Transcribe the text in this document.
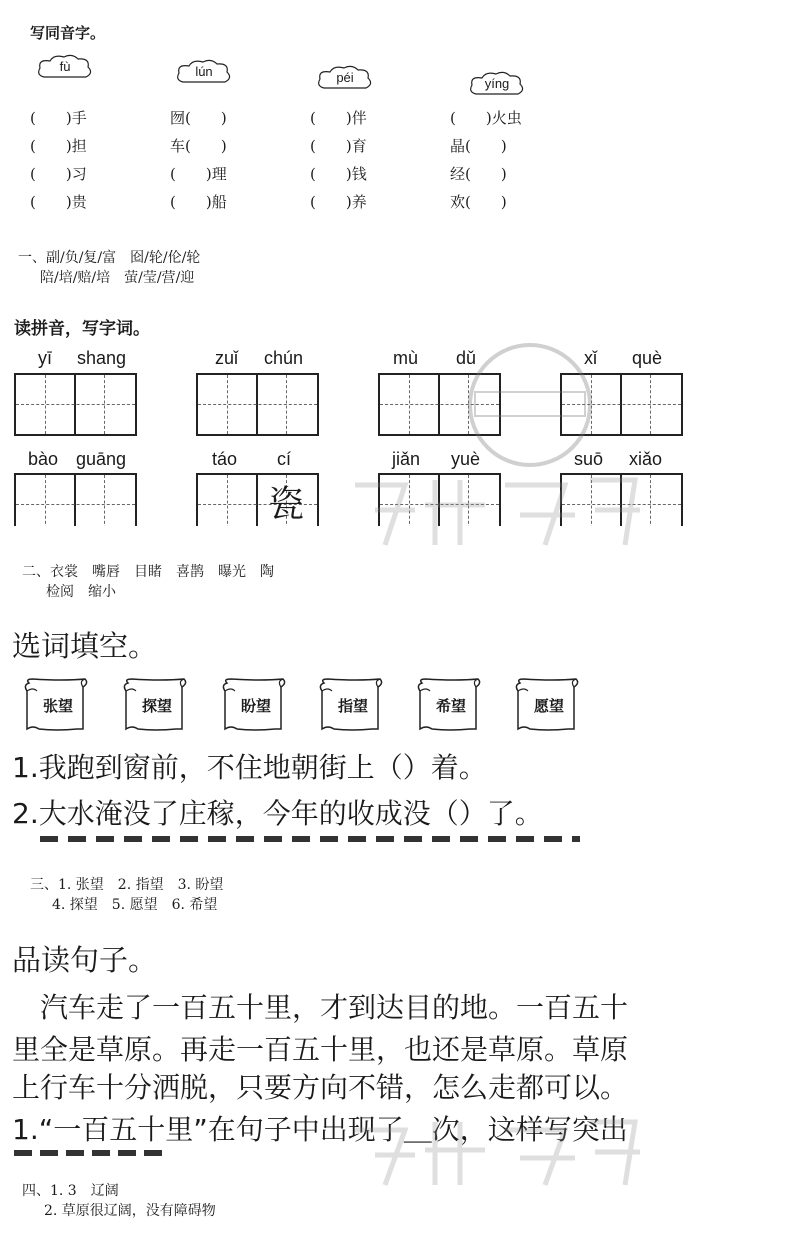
写同音字。
fù	lún	péi	yíng
(　　)手	囫(　　)	(　　)伴	(　　)火虫
(　　)担	车(　　)	(　　)育	晶(　　)
(　　)习	(　　)理	(　　)钱	经(　　)
(　　)贵	(　　)船	(　　)养	欢(　　)
一、副/负/复/富　囵/轮/伦/轮
陪/培/赔/培　萤/莹/营/迎
读拼音，写字词。
yī shang	zuǐ chún	mù dǔ	xǐ què
bào guāng	táo cí	jiǎn yuè	suō xiǎo
瓷
二、衣裳　嘴唇　目睹　喜鹊　曝光　陶
检阅　缩小
选词填空。
张望	探望	盼望	指望	希望	愿望
1.我跑到窗前，不住地朝街上（）着。
2.大水淹没了庄稼，今年的收成没（）了。
三、1. 张望　2. 指望　3. 盼望
4. 探望　5. 愿望　6. 希望
品读句子。
汽车走了一百五十里，才到达目的地。一百五十
里全是草原。再走一百五十里，也还是草原。草原
上行车十分洒脱，只要方向不错，怎么走都可以。
1.“一百五十里”在句子中出现了＿次，这样写突出
四、1. 3　辽阔
2. 草原很辽阔，没有障碍物
